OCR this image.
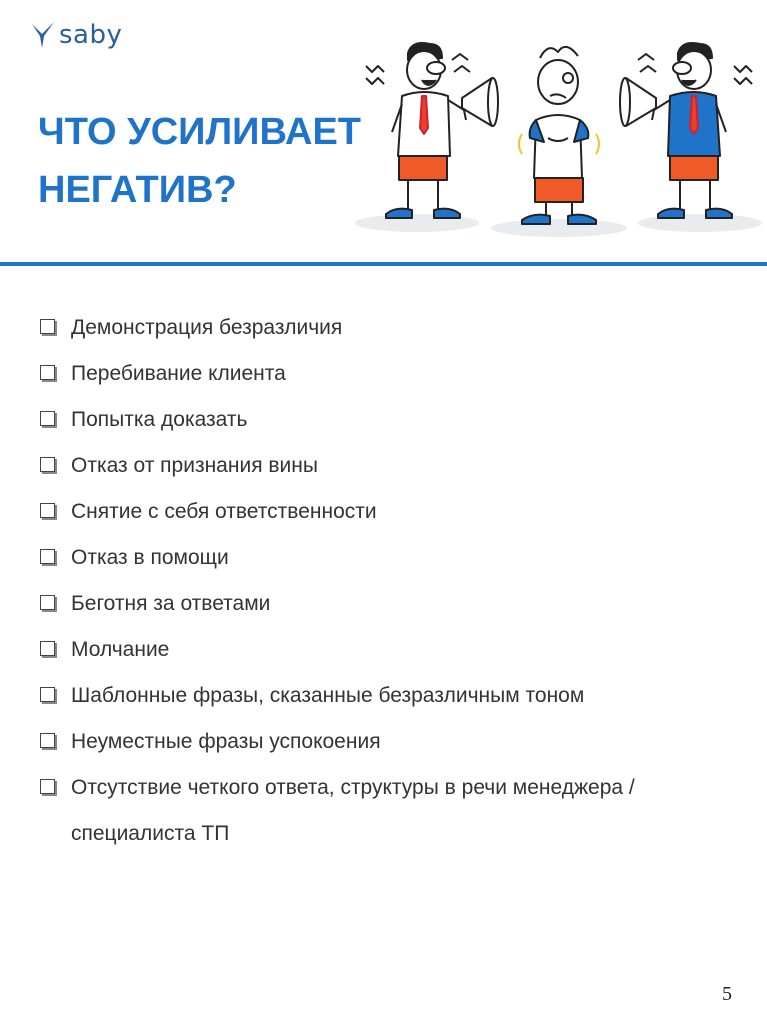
saby
ЧТО УСИЛИВАЕТ
НЕГАТИВ?
Демонстрация безразличия
Перебивание клиента
Попытка доказать
Отказ от признания вины
Снятие с себя ответственности
Отказ в помощи
Беготня за ответами
Молчание
Шаблонные фразы, сказанные безразличным тоном
Неуместные фразы успокоения
Отсутствие четкого ответа, структуры в речи менеджера / специалиста ТП
5
